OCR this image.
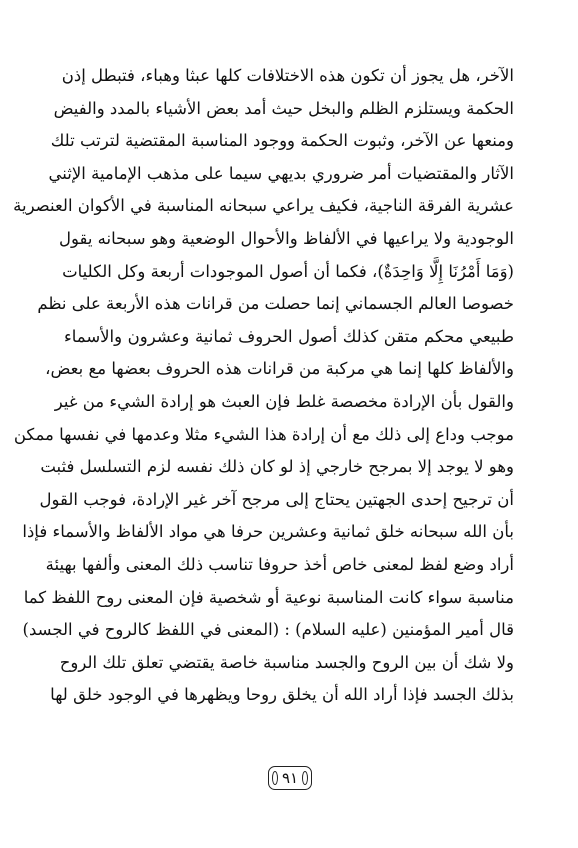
الآخر، هل يجوز أن تكون هذه الاختلافات كلها عبثا وهباء، فتبطل إذن
الحكمة ويستلزم الظلم والبخل حيث أمد بعض الأشياء بالمدد والفيض
ومنعها عن الآخر، وثبوت الحكمة ووجود المناسبة المقتضية لترتب تلك
الآثار والمقتضيات أمر ضروري بديهي سيما على مذهب الإمامية الإثني
عشرية الفرقة الناجية، فكيف يراعي سبحانه المناسبة في الأكوان العنصرية
الوجودية ولا يراعيها في الألفاظ والأحوال الوضعية وهو سبحانه يقول
(وَمَا أَمْرُنَا إِلَّا وَاحِدَةٌ)، فكما أن أصول الموجودات أربعة وكل الكليات
خصوصا العالم الجسماني إنما حصلت من قرانات هذه الأربعة على نظم
طبيعي محكم متقن كذلك أصول الحروف ثمانية وعشرون والأسماء
والألفاظ كلها إنما هي مركبة من قرانات هذه الحروف بعضها مع بعض،
والقول بأن الإرادة مخصصة غلط فإن العبث هو إرادة الشيء من غير
موجب وداع إلى ذلك مع أن إرادة هذا الشيء مثلا وعدمها في نفسها ممكن
وهو لا يوجد إلا بمرجح خارجي إذ لو كان ذلك نفسه لزم التسلسل فثبت
أن ترجيح إحدى الجهتين يحتاج إلى مرجح آخر غير الإرادة، فوجب القول
بأن الله سبحانه خلق ثمانية وعشرين حرفا هي مواد الألفاظ والأسماء فإذا
أراد وضع لفظ لمعنى خاص أخذ حروفا تناسب ذلك المعنى وألفها بهيئة
مناسبة سواء كانت المناسبة نوعية أو شخصية فإن المعنى روح اللفظ كما
قال أمير المؤمنين (عليه السلام) : (المعنى في اللفظ كالروح في الجسد)
ولا شك أن بين الروح والجسد مناسبة خاصة يقتضي تعلق تلك الروح
بذلك الجسد فإذا أراد الله أن يخلق روحا ويظهرها في الوجود خلق لها
٩١
